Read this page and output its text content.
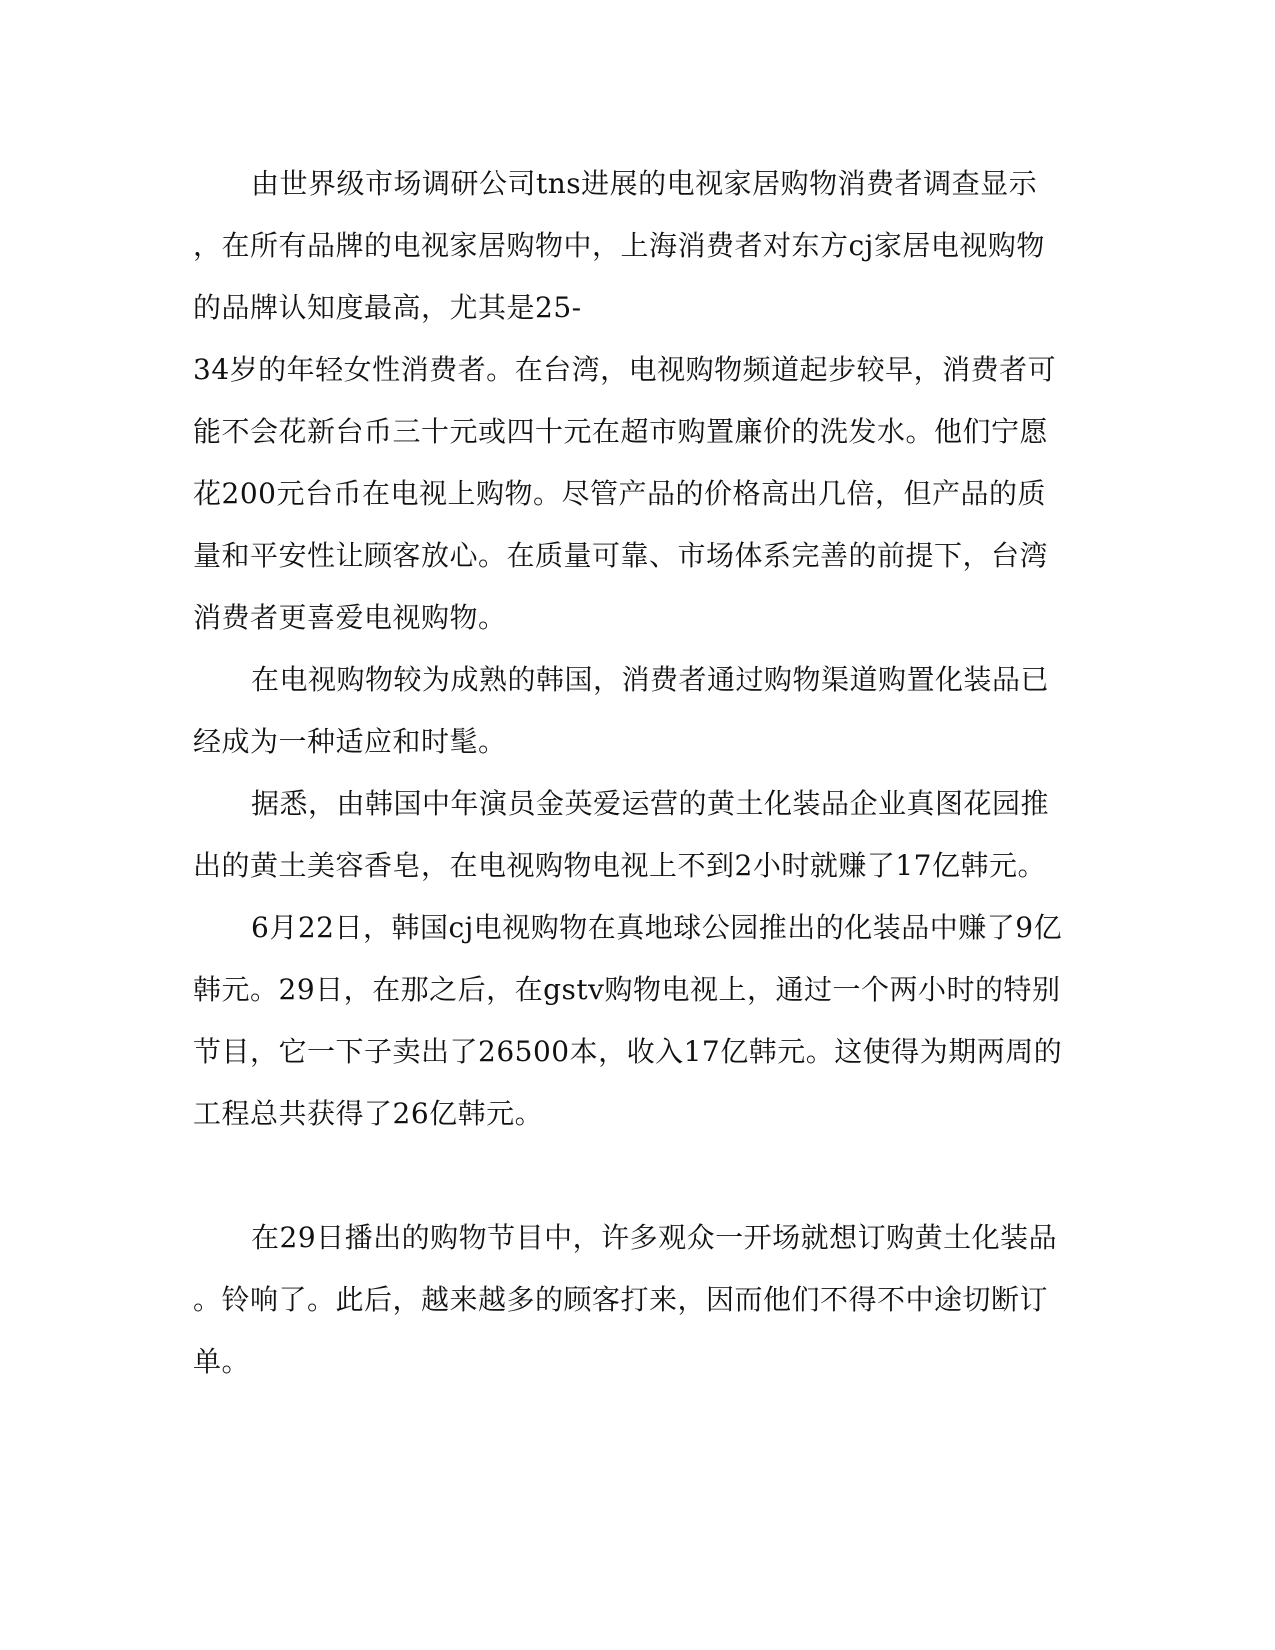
由世界级市场调研公司tns进展的电视家居购物消费者调查显示
，在所有品牌的电视家居购物中，上海消费者对东方cj家居电视购物
的品牌认知度最高，尤其是25-
34岁的年轻女性消费者。在台湾，电视购物频道起步较早，消费者可
能不会花新台币三十元或四十元在超市购置廉价的洗发水。他们宁愿
花200元台币在电视上购物。尽管产品的价格高出几倍，但产品的质
量和平安性让顾客放心。在质量可靠、市场体系完善的前提下，台湾
消费者更喜爱电视购物。
在电视购物较为成熟的韩国，消费者通过购物渠道购置化装品已
经成为一种适应和时髦。
据悉，由韩国中年演员金英爱运营的黄土化装品企业真图花园推
出的黄土美容香皂，在电视购物电视上不到2小时就赚了17亿韩元。
6月22日，韩国cj电视购物在真地球公园推出的化装品中赚了9亿
韩元。29日，在那之后，在gstv购物电视上，通过一个两小时的特别
节目，它一下子卖出了26500本，收入17亿韩元。这使得为期两周的
工程总共获得了26亿韩元。
在29日播出的购物节目中，许多观众一开场就想订购黄土化装品
。铃响了。此后，越来越多的顾客打来，因而他们不得不中途切断订
单。
